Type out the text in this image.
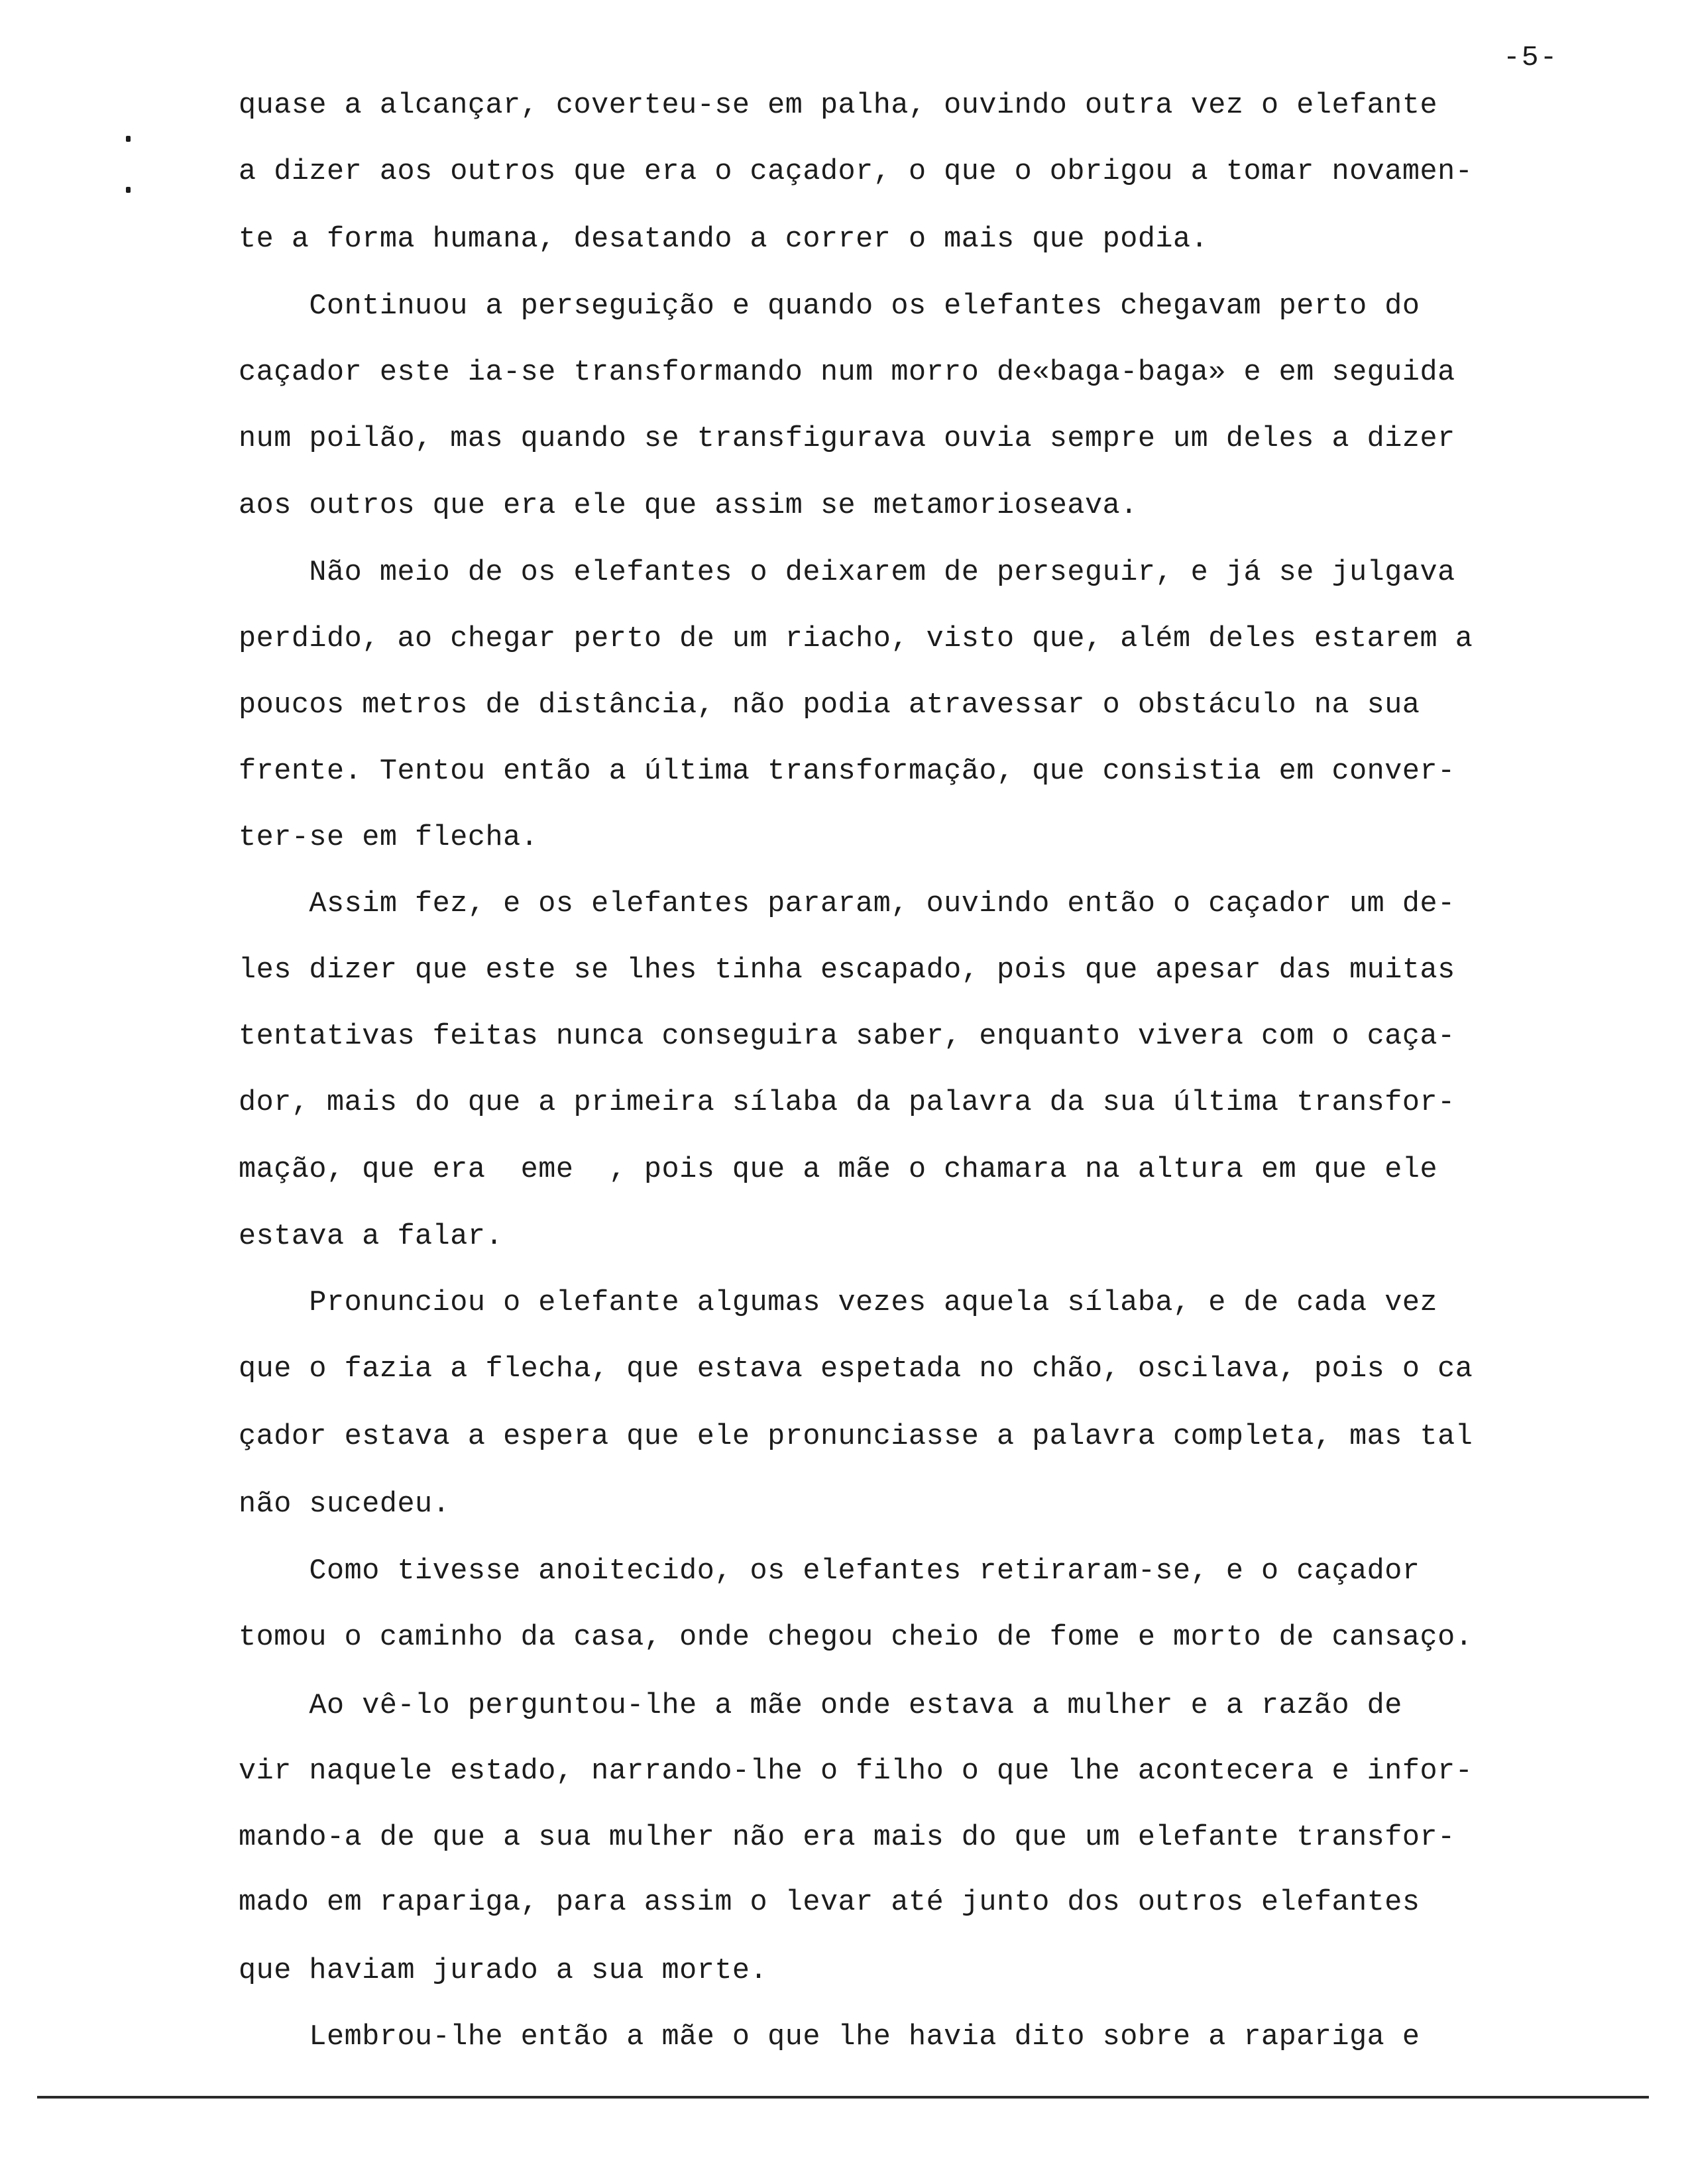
-5-
quase a alcançar, coverteu-se em palha, ouvindo outra vez o elefante
a dizer aos outros que era o caçador, o que o obrigou a tomar novamen-
te a forma humana, desatando a correr o mais que podia.
Continuou a perseguição e quando os elefantes chegavam perto do
caçador este ia-se transformando num morro de«baga-baga» e em seguida
num poilão, mas quando se transfigurava ouvia sempre um deles a dizer
aos outros que era ele que assim se metamorioseava.
Não meio de os elefantes o deixarem de perseguir, e já se julgava
perdido, ao chegar perto de um riacho, visto que, além deles estarem a
poucos metros de distância, não podia atravessar o obstáculo na sua
frente. Tentou então a última transformação, que consistia em conver-
ter-se em flecha.
Assim fez, e os elefantes pararam, ouvindo então o caçador um de-
les dizer que este se lhes tinha escapado, pois que apesar das muitas
tentativas feitas nunca conseguira saber, enquanto vivera com o caça-
dor, mais do que a primeira sílaba da palavra da sua última transfor-
mação, que era  eme  , pois que a mãe o chamara na altura em que ele
estava a falar.
Pronunciou o elefante algumas vezes aquela sílaba, e de cada vez
que o fazia a flecha, que estava espetada no chão, oscilava, pois o ca
çador estava a espera que ele pronunciasse a palavra completa, mas tal
não sucedeu.
Como tivesse anoitecido, os elefantes retiraram-se, e o caçador
tomou o caminho da casa, onde chegou cheio de fome e morto de cansaço.
Ao vê-lo perguntou-lhe a mãe onde estava a mulher e a razão de
vir naquele estado, narrando-lhe o filho o que lhe acontecera e infor-
mando-a de que a sua mulher não era mais do que um elefante transfor-
mado em rapariga, para assim o levar até junto dos outros elefantes
que haviam jurado a sua morte.
Lembrou-lhe então a mãe o que lhe havia dito sobre a rapariga e
